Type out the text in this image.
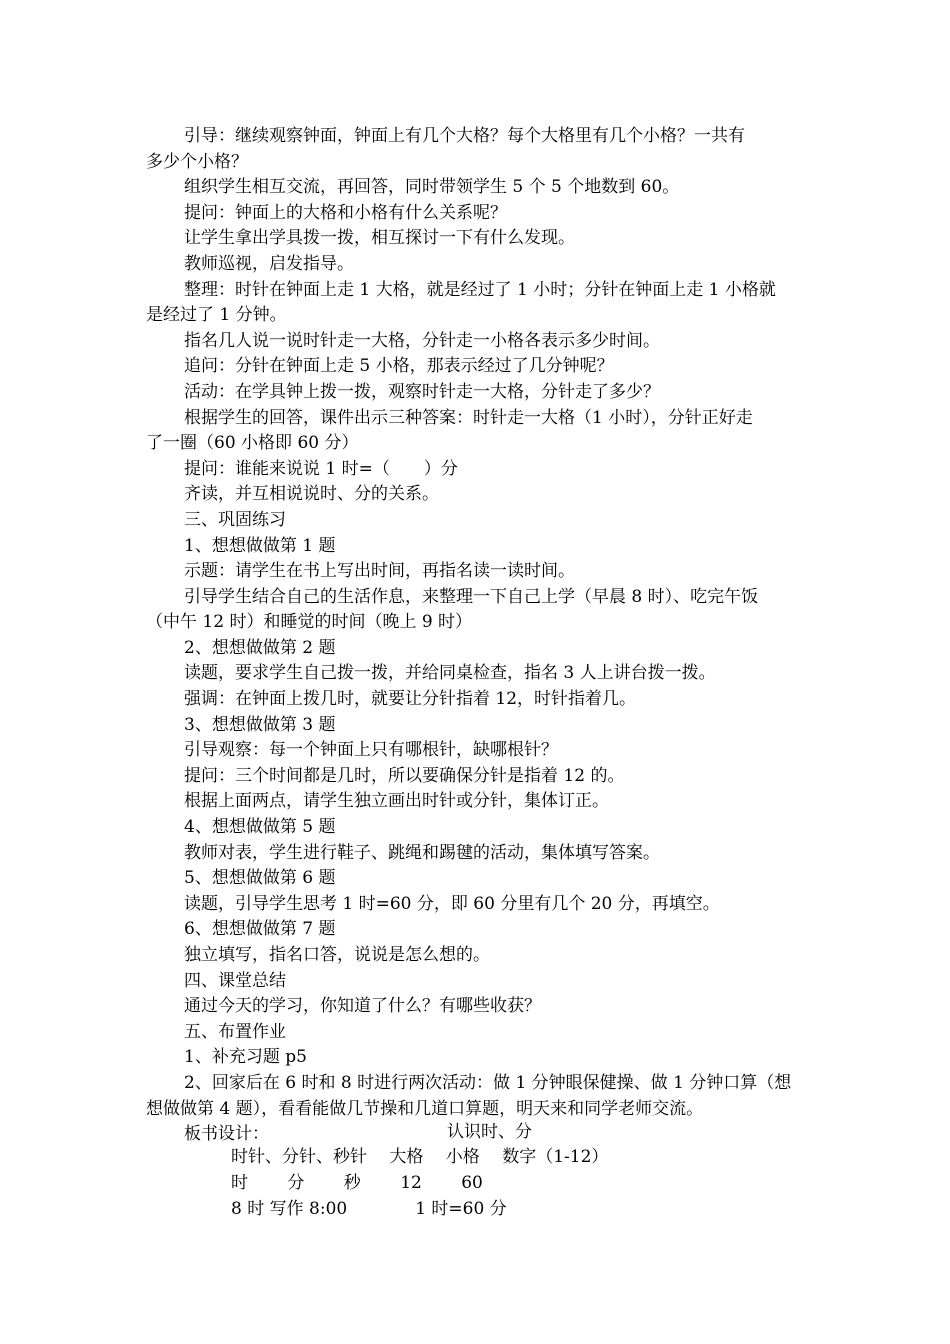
引导：继续观察钟面，钟面上有几个大格？每个大格里有几个小格？一共有
多少个小格？
组织学生相互交流，再回答，同时带领学生 5 个 5 个地数到 60。
提问：钟面上的大格和小格有什么关系呢？
让学生拿出学具拨一拨，相互探讨一下有什么发现。
教师巡视，启发指导。
整理：时针在钟面上走 1 大格，就是经过了 1 小时；分针在钟面上走 1 小格就
是经过了 1 分钟。
指名几人说一说时针走一大格，分针走一小格各表示多少时间。
追问：分针在钟面上走 5 小格，那表示经过了几分钟呢？
活动：在学具钟上拨一拨，观察时针走一大格，分针走了多少？
根据学生的回答，课件出示三种答案：时针走一大格（1 小时），分针正好走
了一圈（60 小格即 60 分）
提问：谁能来说说 1 时=（　　）分
齐读，并互相说说时、分的关系。
三、巩固练习
1、想想做做第 1 题
示题：请学生在书上写出时间，再指名读一读时间。
引导学生结合自己的生活作息，来整理一下自己上学（早晨 8 时）、吃完午饭
（中午 12 时）和睡觉的时间（晚上 9 时）
2、想想做做第 2 题
读题，要求学生自己拨一拨，并给同桌检查，指名 3 人上讲台拨一拨。
强调：在钟面上拨几时，就要让分针指着 12，时针指着几。
3、想想做做第 3 题
引导观察：每一个钟面上只有哪根针，缺哪根针？
提问：三个时间都是几时，所以要确保分针是指着 12 的。
根据上面两点，请学生独立画出时针或分针，集体订正。
4、想想做做第 5 题
教师对表，学生进行鞋子、跳绳和踢毽的活动，集体填写答案。
5、想想做做第 6 题
读题，引导学生思考 1 时=60 分，即 60 分里有几个 20 分，再填空。
6、想想做做第 7 题
独立填写，指名口答，说说是怎么想的。
四、课堂总结
通过今天的学习，你知道了什么？有哪些收获？
五、布置作业
1、补充习题 p5
2、回家后在 6 时和 8 时进行两次活动：做 1 分钟眼保健操、做 1 分钟口算（想
想做做第 4 题），看看能做几节操和几道口算题，明天来和同学老师交流。
板书设计：	认识时、分
时针、分针、秒针　 大格　 小格　 数字（1-12）
时　　 分　　 秒　　 12　　 60
8 时 写作 8:00　　　　1 时=60 分
